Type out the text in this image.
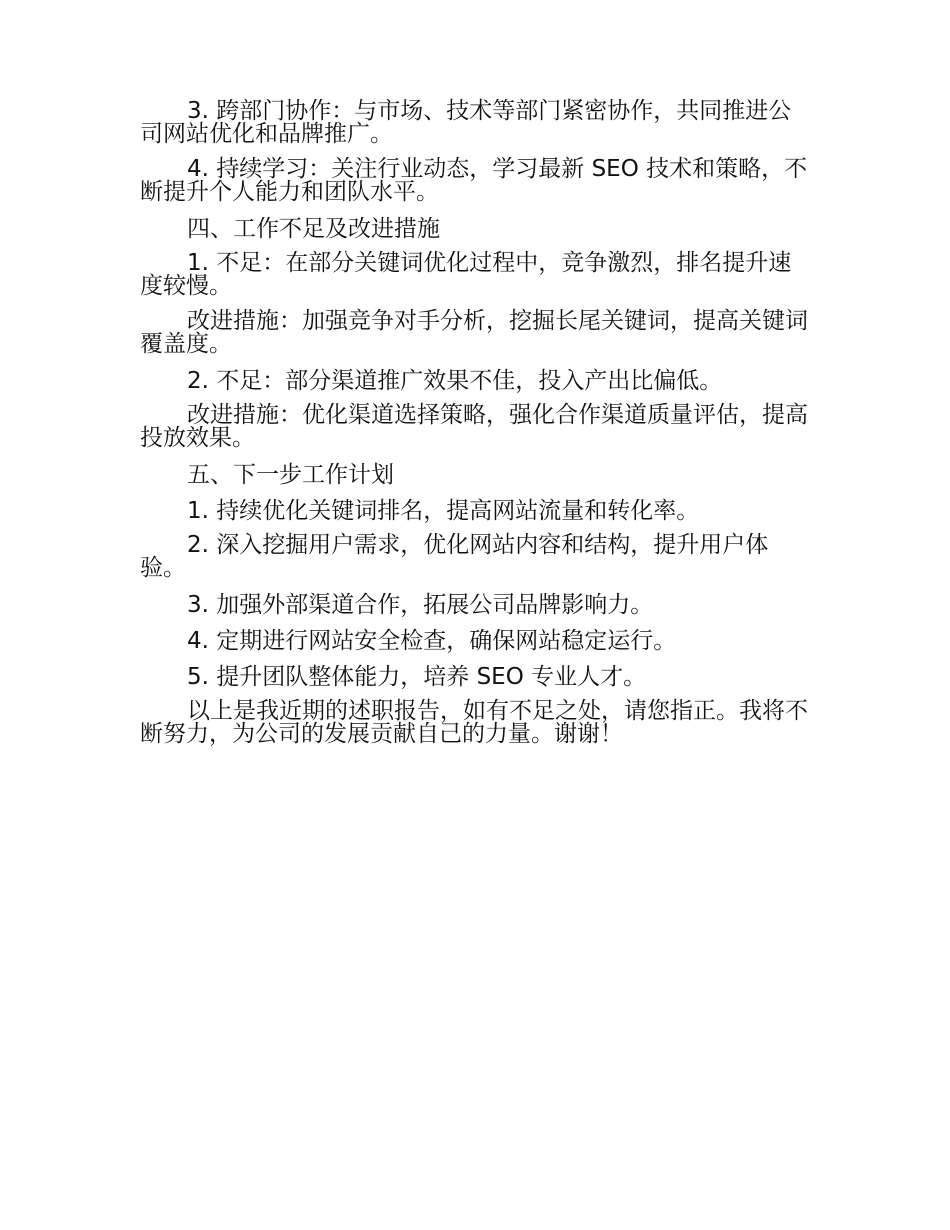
3. 跨部门协作：与市场、技术等部门紧密协作，共同推进公司网站优化和品牌推广。

4. 持续学习：关注行业动态，学习最新 SEO 技术和策略，不断提升个人能力和团队水平。

四、工作不足及改进措施

1. 不足：在部分关键词优化过程中，竞争激烈，排名提升速度较慢。

改进措施：加强竞争对手分析，挖掘长尾关键词，提高关键词覆盖度。

2. 不足：部分渠道推广效果不佳，投入产出比偏低。

改进措施：优化渠道选择策略，强化合作渠道质量评估，提高投放效果。

五、下一步工作计划

1. 持续优化关键词排名，提高网站流量和转化率。

2. 深入挖掘用户需求，优化网站内容和结构，提升用户体验。

3. 加强外部渠道合作，拓展公司品牌影响力。

4. 定期进行网站安全检查，确保网站稳定运行。

5. 提升团队整体能力，培养 SEO 专业人才。

以上是我近期的述职报告，如有不足之处，请您指正。我将不断努力，为公司的发展贡献自己的力量。谢谢！
